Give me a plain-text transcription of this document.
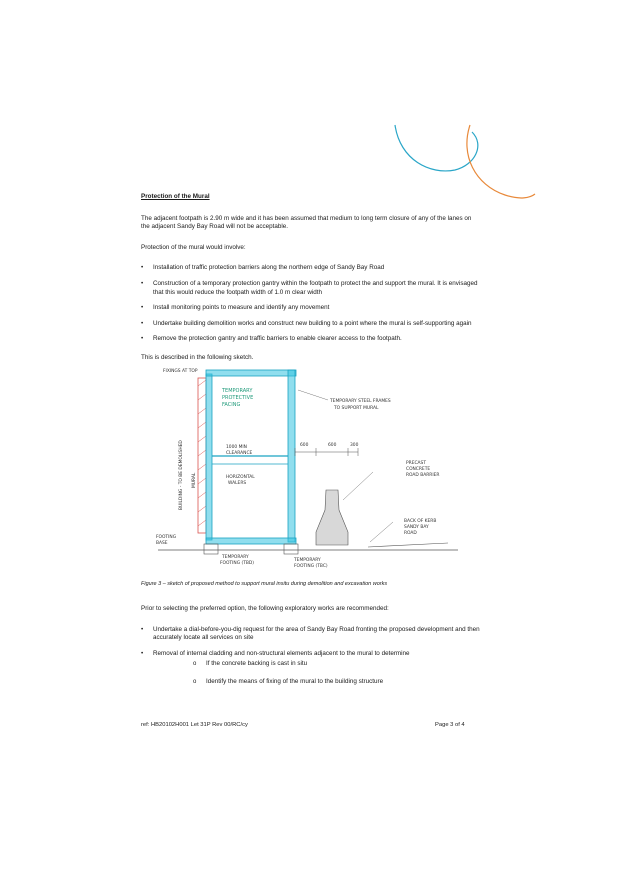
Protection of the Mural

The adjacent footpath is 2.90 m wide and it has been assumed that medium to long term closure of any of the lanes on the adjacent Sandy Bay Road will not be acceptable.

Protection of the mural would involve:

• Installation of traffic protection barriers along the northern edge of Sandy Bay Road
• Construction of a temporary protection gantry within the footpath to protect the and support the mural. It is envisaged that this would reduce the footpath width of 1.0 m clear width
• Install monitoring points to measure and identify any movement
• Undertake building demolition works and construct new building to a point where the mural is self-supporting again
• Remove the protection gantry and traffic barriers to enable clearer access to the footpath.

This is described in the following sketch.

FIXINGS AT TOP
TEMPORARY
PROTECTIVE
FACING
TEMPORARY STEEL FRAMES
TO SUPPORT MURAL
BUILDING - TO BE DEMOLISHED MURAL
1000 MIN
CLEARANCE
600	600	300
HORIZONTAL
WALERS
PRECAST
CONCRETE
ROAD BARRIER
BACK OF KERB
SANDY BAY
ROAD
FOOTING
BASE
TEMPORARY
FOOTING (TBD)
TEMPORARY
FOOTING (TBC)
Figure 3 – sketch of proposed method to support mural insitu during demolition and excavation works

Prior to selecting the preferred option, the following exploratory works are recommended:

• Undertake a dial-before-you-dig request for the area of Sandy Bay Road fronting the proposed development and then accurately locate all services on site
• Removal of internal cladding and non-structural elements adjacent to the mural to determine
o If the concrete backing is cast in situ
o Identify the means of fixing of the mural to the building structure
ref: HB20102H001 Let 31P Rev 00/RC/cy	Page 3 of 4
